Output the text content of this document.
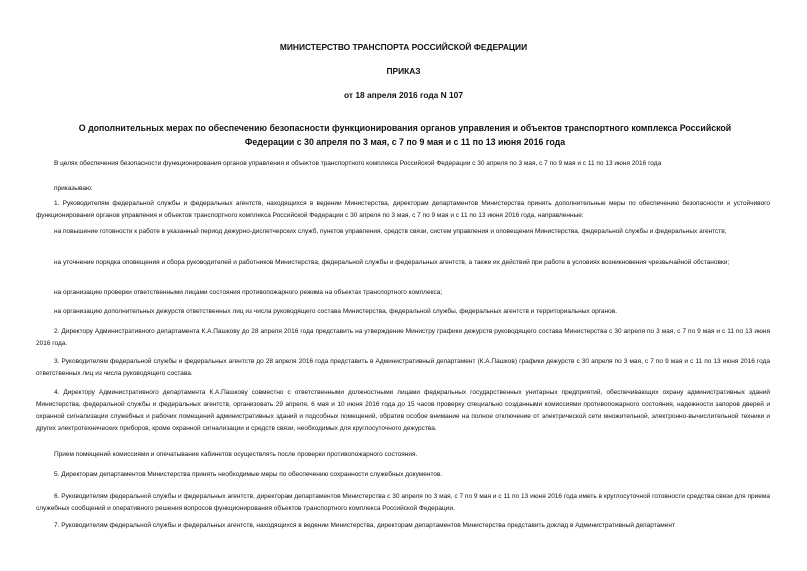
МИНИСТЕРСТВО ТРАНСПОРТА РОССИЙСКОЙ ФЕДЕРАЦИИ
ПРИКАЗ
от 18 апреля 2016 года N 107
О дополнительных мерах по обеспечению безопасности функционирования органов управления и объектов транспортного комплекса Российской Федерации с 30 апреля по 3 мая, с 7 по 9 мая и с 11 по 13 июня 2016 года
В целях обеспечения безопасности функционирования органов управления и объектов транспортного комплекса Российской Федерации с 30 апреля по 3 мая, с 7 по 9 мая и с 11 по 13 июня 2016 года
приказываю:
1. Руководителям федеральной службы и федеральных агентств, находящихся в ведении Министерства, директорам департаментов Министерства принять дополнительные меры по обеспечению безопасности и устойчивого функционирования органов управления и объектов транспортного комплекса Российской Федерации с 30 апреля по 3 мая, с 7 по 9 мая и с 11 по 13 июня 2016 года, направленные:
на повышение готовности к работе в указанный период дежурно-диспетчерских служб, пунктов управления, средств связи, систем управления и оповещения Министерства, федеральной службы и федеральных агентств;
на уточнение порядка оповещения и сбора руководителей и работников Министерства, федеральной службы и федеральных агентств, а также их действий при работе в условиях возникновения чрезвычайной обстановки;
на организацию проверки ответственными лицами состояния противопожарного режима на объектах транспортного комплекса;
на организацию дополнительных дежурств ответственных лиц из числа руководящего состава Министерства, федеральной службы, федеральных агентств и территориальных органов.
2. Директору Административного департамента К.А.Пашкову до 28 апреля 2016 года представить на утверждение Министру графики дежурств руководящего состава Министерства с 30 апреля по 3 мая, с 7 по 9 мая и с 11 по 13 июня 2016 года.
3. Руководителям федеральной службы и федеральных агентств до 28 апреля 2016 года представить в Административный департамент (К.А.Пашков) графики дежурств с 30 апреля по 3 мая, с 7 по 9 мая и с 11 по 13 июня 2016 года ответственных лиц из числа руководящего состава.
4. Директору Административного департамента К.А.Пашкову совместно с ответственными должностными лицами федеральных государственных унитарных предприятий, обеспечивающих охрану административных зданий Министерства, федеральной службы и федеральных агентств, организовать 29 апреля, 6 мая и 10 июня 2016 года до 15 часов проверку специально созданными комиссиями противопожарного состояния, надежности запоров дверей и охранной сигнализации служебных и рабочих помещений административных зданий и подсобных помещений, обратив особое внимание на полное отключение от электрической сети множительной, электронно-вычислительной техники и других электротехнических приборов, кроме охранной сигнализации и средств связи, необходимых для круглосуточного дежурства.
Прием помещений комиссиями и опечатывание кабинетов осуществлять после проверки противопожарного состояния.
5. Директорам департаментов Министерства принять необходимые меры по обеспечению сохранности служебных документов.
6. Руководителям федеральной службы и федеральных агентств, директорам департаментов Министерства с 30 апреля по 3 мая, с 7 по 9 мая и с 11 по 13 июня 2016 года иметь в круглосуточной готовности средства связи для приема служебных сообщений и оперативного решения вопросов функционирования объектов транспортного комплекса Российской Федерации.
7. Руководителям федеральной службы и федеральных агентств, находящихся в ведении Министерства, директорам департаментов Министерства представить доклад в Административный департамент
